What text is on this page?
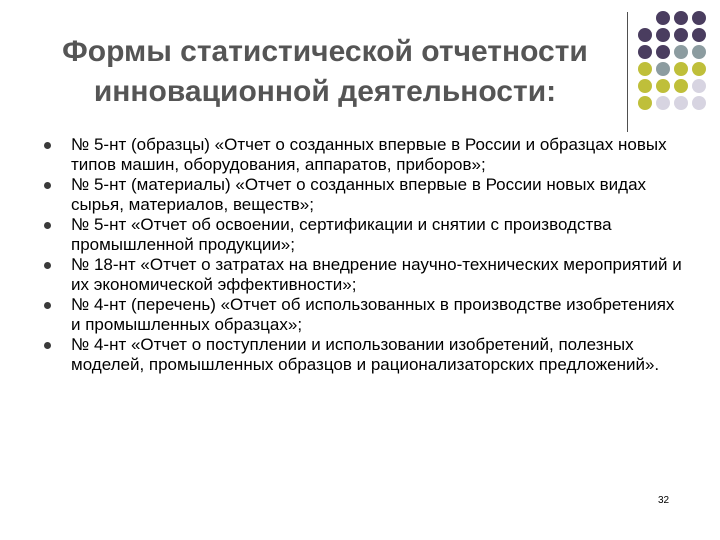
Формы статистической отчетности
инновационной деятельности:
№ 5-нт (образцы) «Отчет о созданных впервые в России и образцах новых типов машин, оборудования, аппаратов, приборов»;
№ 5-нт (материалы) «Отчет о созданных впервые в России новых видах сырья, материалов, веществ»;
№ 5-нт «Отчет об освоении, сертификации и снятии с производства промышленной продукции»;
№ 18-нт «Отчет о затратах на внедрение научно-технических мероприятий и их экономической эффективности»;
№ 4-нт (перечень) «Отчет об использованных в производстве изобретениях и промышленных образцах»;
№ 4-нт «Отчет о поступлении и использовании изобретений, полезных моделей, промышленных образцов и рационализаторских предложений».
32
